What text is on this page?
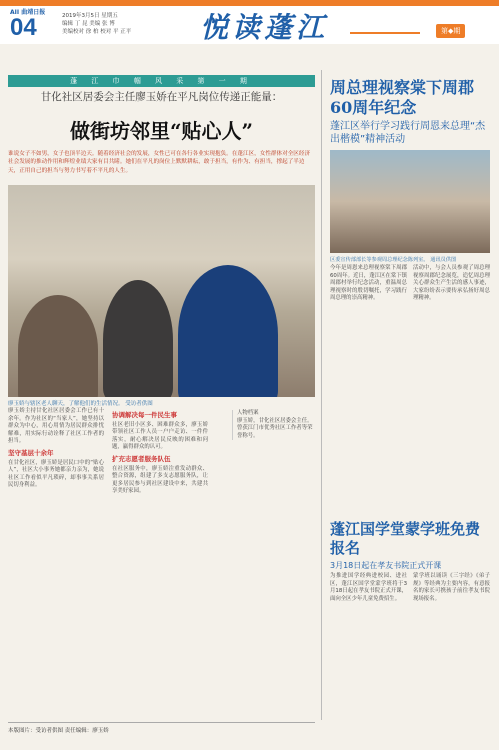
AII 曲靖日报
04	2019年3月5日 星期五
编辑 丁 昆 美编 张 博
美编校对 徐 柏 校对 平 正平 悦读蓬江	第◆期
蓬 江 巾 帼 风 采 第 一 期
甘化社区居委会主任廖玉娇在平凡岗位传递正能量：
做街坊邻里“贴心人”
谁说女子不如男，女子也顶半边天。随着经济社会的发展，女性已可在各行各业实现抱负。在蓬江区，女性群体对全区经济社会发展的推动作用和辉煌业绩大家有目共睹。她们在平凡的岗位上默默耕耘，敢于担当，有作为、有担当，撑起了半边天，正用自己的担当与努力书写着不平凡的人生。
廖玉娇与辖区老人聊天，了解他们的生活情况。 受访者供图
廖玉娇主持甘化社区居委会工作已有十余年。作为社区的“当家人”，她坚持以群众为中心，用心用情为居民群众排忧解难，用实际行动诠释了社区工作者的担当。
坚守基层十余年
在甘化社区，廖玉娇是居民口中的“贴心人”，社区大小事务她都亲力亲为，她说社区工作看似平凡琐碎，却事事关系居民切身利益。
协调解决每一件民生事
社区老旧小区多、困难群众多，廖玉娇带领社区工作人员一户户走访、一件件落实，耐心解决居民反映的困难和问题，赢得群众的认可。
扩充志愿者服务队伍
在社区服务中，廖玉娇注重发动群众、整合资源，组建了多支志愿服务队，让更多居民参与到社区建设中来，共建共享美好家园。
人物档案
廖玉娇，甘化社区居委会主任。曾获江门市优秀社区工作者等荣誉称号。
本版图片：受访者供图 责任编辑：廖玉娇
周总理视察棠下周郡60周年纪念
蓬江区举行学习践行周恩来总理“杰出楷模”精神活动
区委宣传部部长等参观周总理纪念陈列室。 通讯员供图
今年是周恩来总理视察棠下周郡60周年。近日，蓬江区在棠下镇周郡村举行纪念活动，重温周总理视察时的殷切嘱托，学习践行周总理的崇高精神。
活动中，与会人员参观了周总理视察周郡纪念展览，追忆周总理关心群众生产生活的感人事迹，大家纷纷表示要传承弘扬好周总理精神。
蓬江国学堂蒙学班免费报名
3月18日起在孝友书院正式开课
为推进国学经典进校园、进社区，蓬江区国学堂蒙学班将于3月18日起在孝友书院正式开课，面向全区少年儿童免费招生。
蒙学班以诵读《三字经》《弟子规》等经典为主要内容，有意报名的家长可携孩子前往孝友书院现场报名。
